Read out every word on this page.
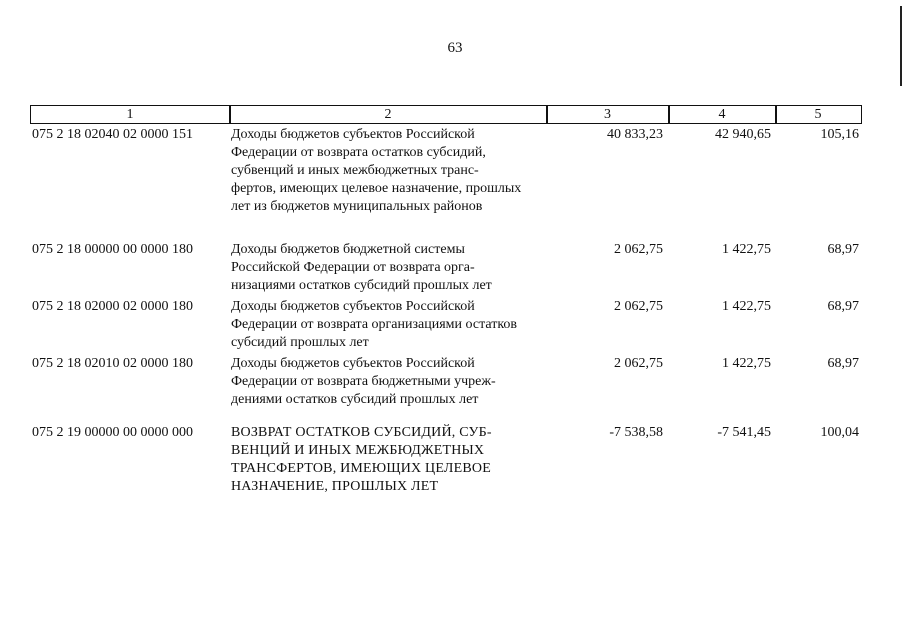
63
1	2	3	4	5
075 2 18 02040 02 0000 151	Доходы бюджетов субъектов Российской
Федерации от возврата остатков субсидий,
субвенций и иных межбюджетных транс-
фертов, имеющих целевое назначение, прошлых
лет из бюджетов муниципальных районов
40 833,23	42 940,65	105,16
075 2 18 00000 00 0000 180	Доходы бюджетов бюджетной системы
Российской Федерации от возврата орга-
низациями остатков субсидий прошлых лет
2 062,75	1 422,75	68,97
075 2 18 02000 02 0000 180	Доходы бюджетов субъектов Российской
Федерации от возврата организациями остатков
субсидий прошлых лет
2 062,75	1 422,75	68,97
075 2 18 02010 02 0000 180	Доходы бюджетов субъектов Российской
Федерации от возврата бюджетными учреж-
дениями остатков субсидий прошлых лет
2 062,75	1 422,75	68,97
075 2 19 00000 00 0000 000	ВОЗВРАТ ОСТАТКОВ СУБСИДИЙ, СУБ-
ВЕНЦИЙ И ИНЫХ МЕЖБЮДЖЕТНЫХ
ТРАНСФЕРТОВ, ИМЕЮЩИХ ЦЕЛЕВОЕ
НАЗНАЧЕНИЕ, ПРОШЛЫХ ЛЕТ
-7 538,58	-7 541,45	100,04
